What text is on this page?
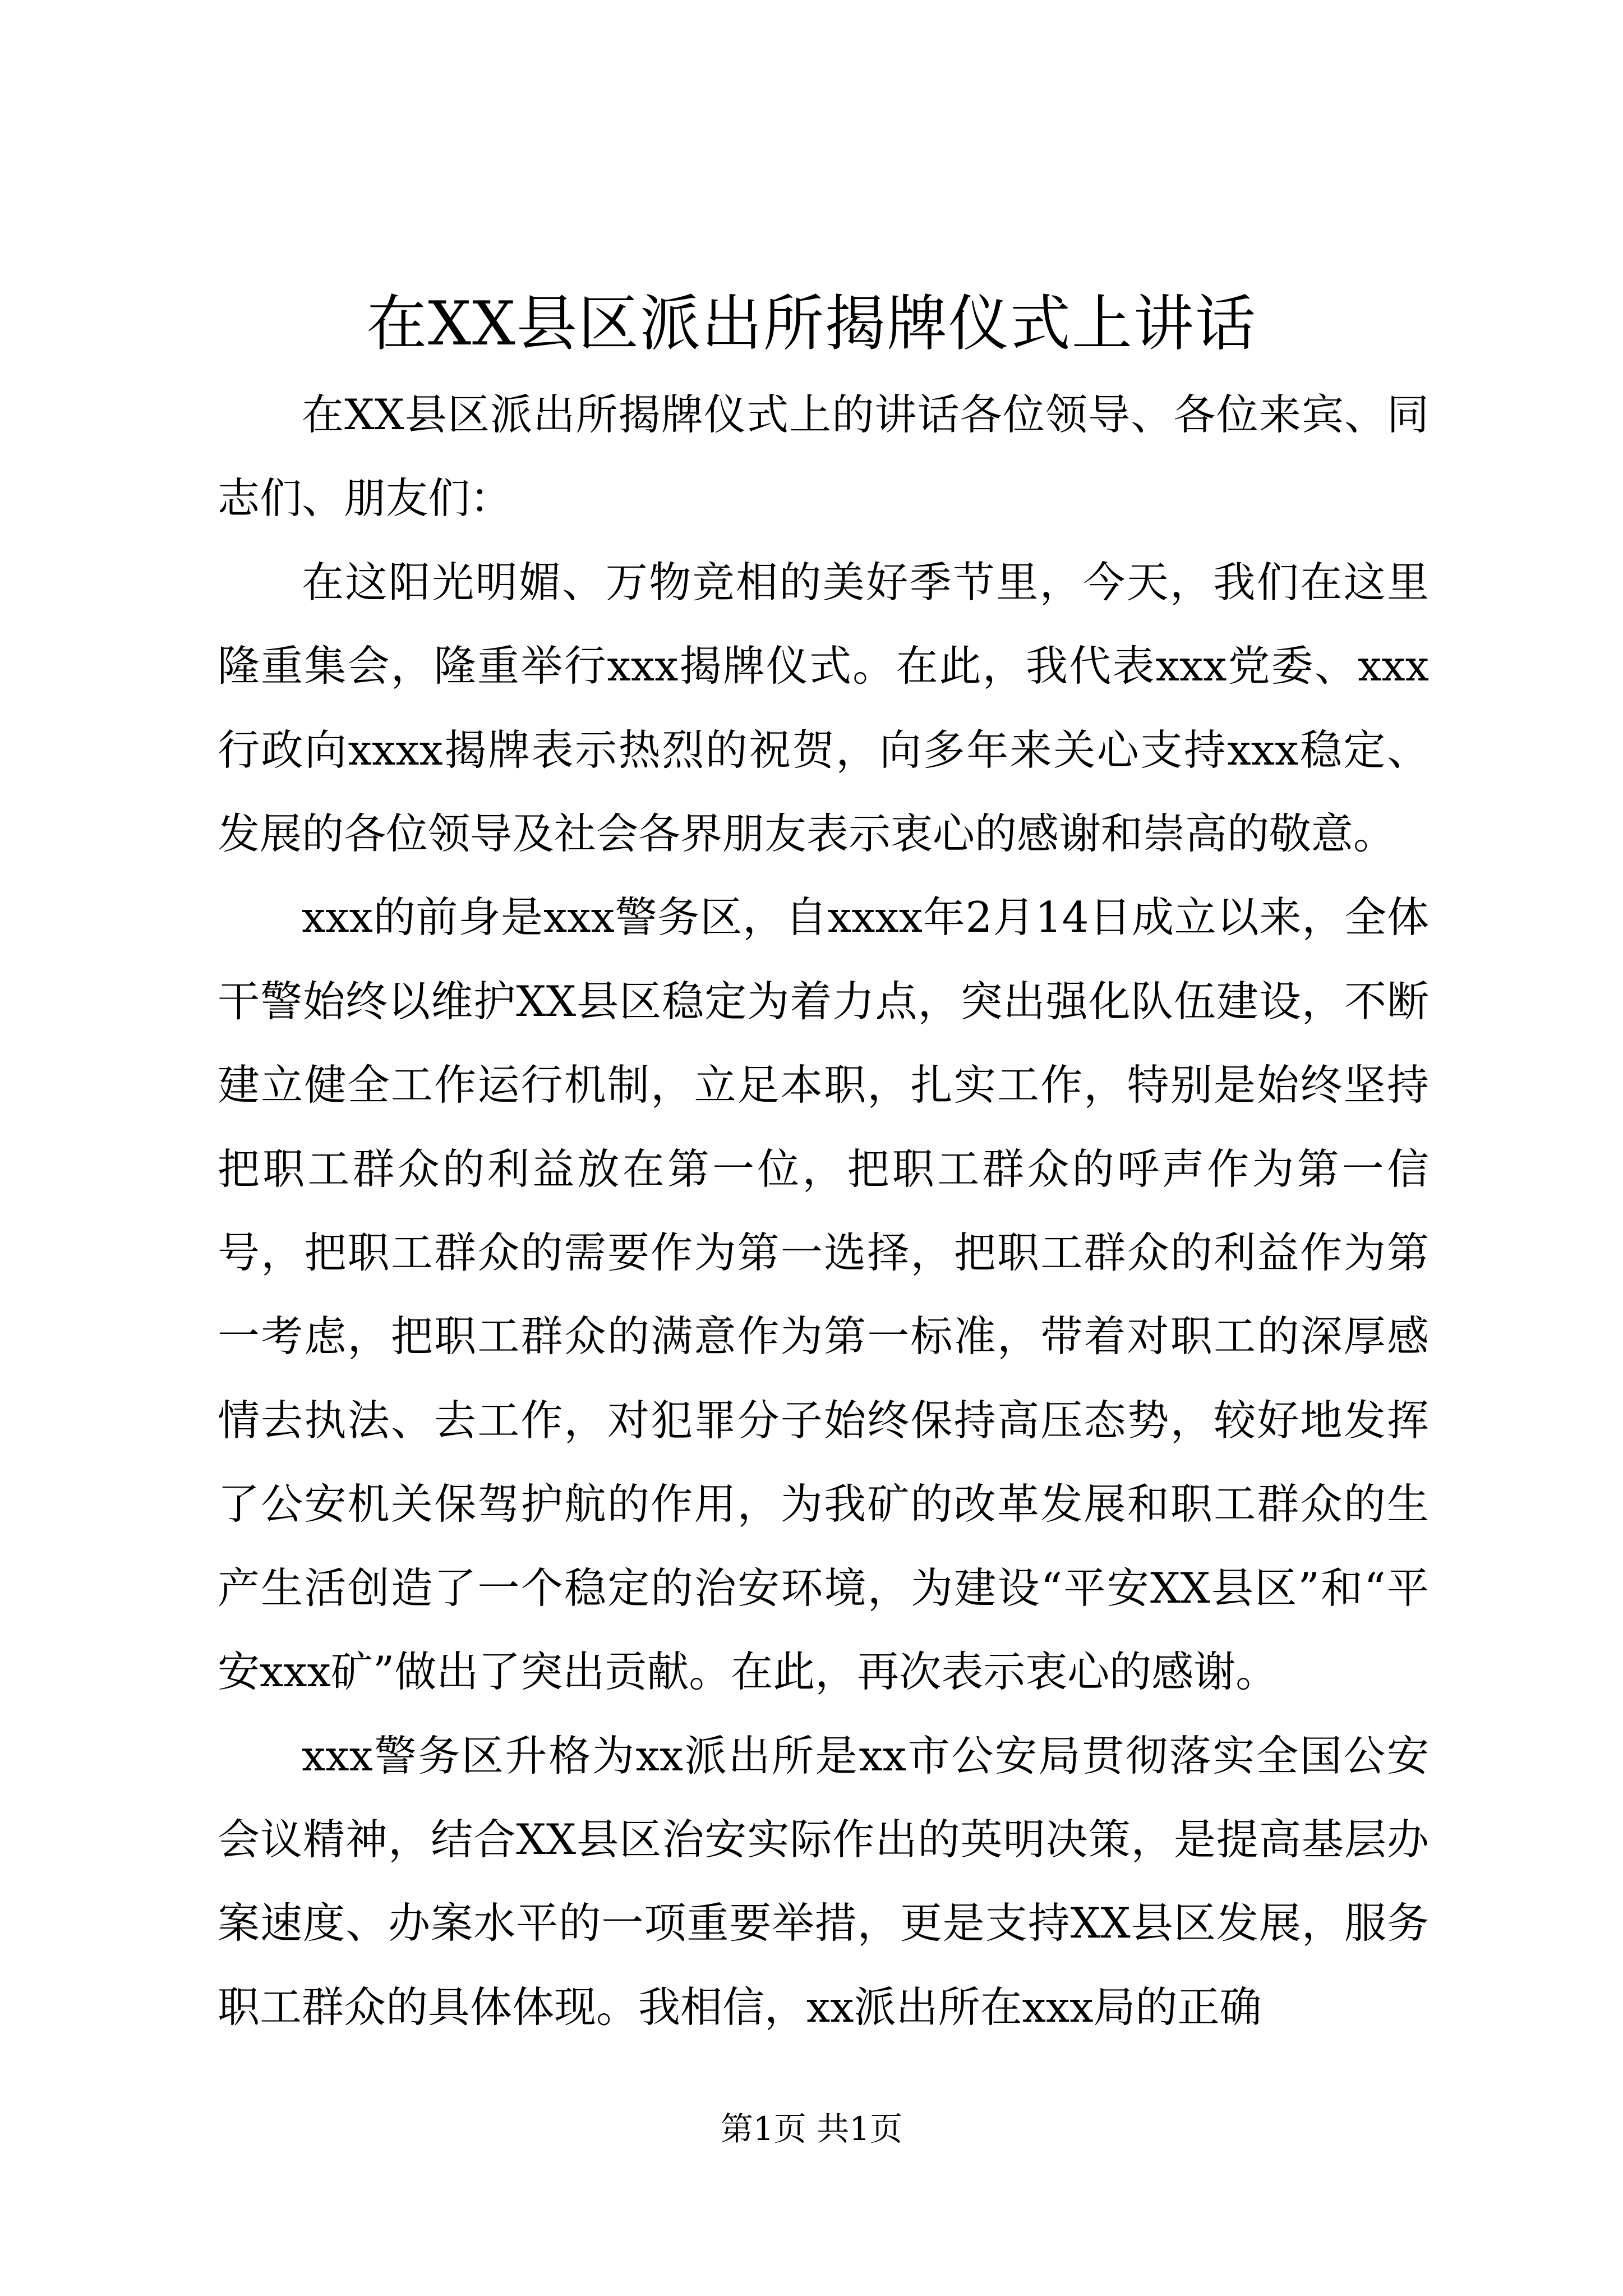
在XX县区派出所揭牌仪式上讲话

在XX县区派出所揭牌仪式上的讲话各位领导、各位来宾、同志们、朋友们：

在这阳光明媚、万物竞相的美好季节里，今天，我们在这里隆重集会，隆重举行xxx揭牌仪式。在此，我代表xxx党委、xxx行政向xxxx揭牌表示热烈的祝贺，向多年来关心支持xxx稳定、发展的各位领导及社会各界朋友表示衷心的感谢和崇高的敬意。

xxx的前身是xxx警务区，自xxxx年2月14日成立以来，全体干警始终以维护XX县区稳定为着力点，突出强化队伍建设，不断建立健全工作运行机制，立足本职，扎实工作，特别是始终坚持把职工群众的利益放在第一位，把职工群众的呼声作为第一信号，把职工群众的需要作为第一选择，把职工群众的利益作为第一考虑，把职工群众的满意作为第一标准，带着对职工的深厚感情去执法、去工作，对犯罪分子始终保持高压态势，较好地发挥了公安机关保驾护航的作用，为我矿的改革发展和职工群众的生产生活创造了一个稳定的治安环境，为建设“平安XX县区”和“平安xxx矿”做出了突出贡献。在此，再次表示衷心的感谢。

xxx警务区升格为xx派出所是xx市公安局贯彻落实全国公安会议精神，结合XX县区治安实际作出的英明决策，是提高基层办案速度、办案水平的一项重要举措，更是支持XX县区发展，服务职工群众的具体体现。我相信，xx派出所在xxx局的正确

第1页 共1页
